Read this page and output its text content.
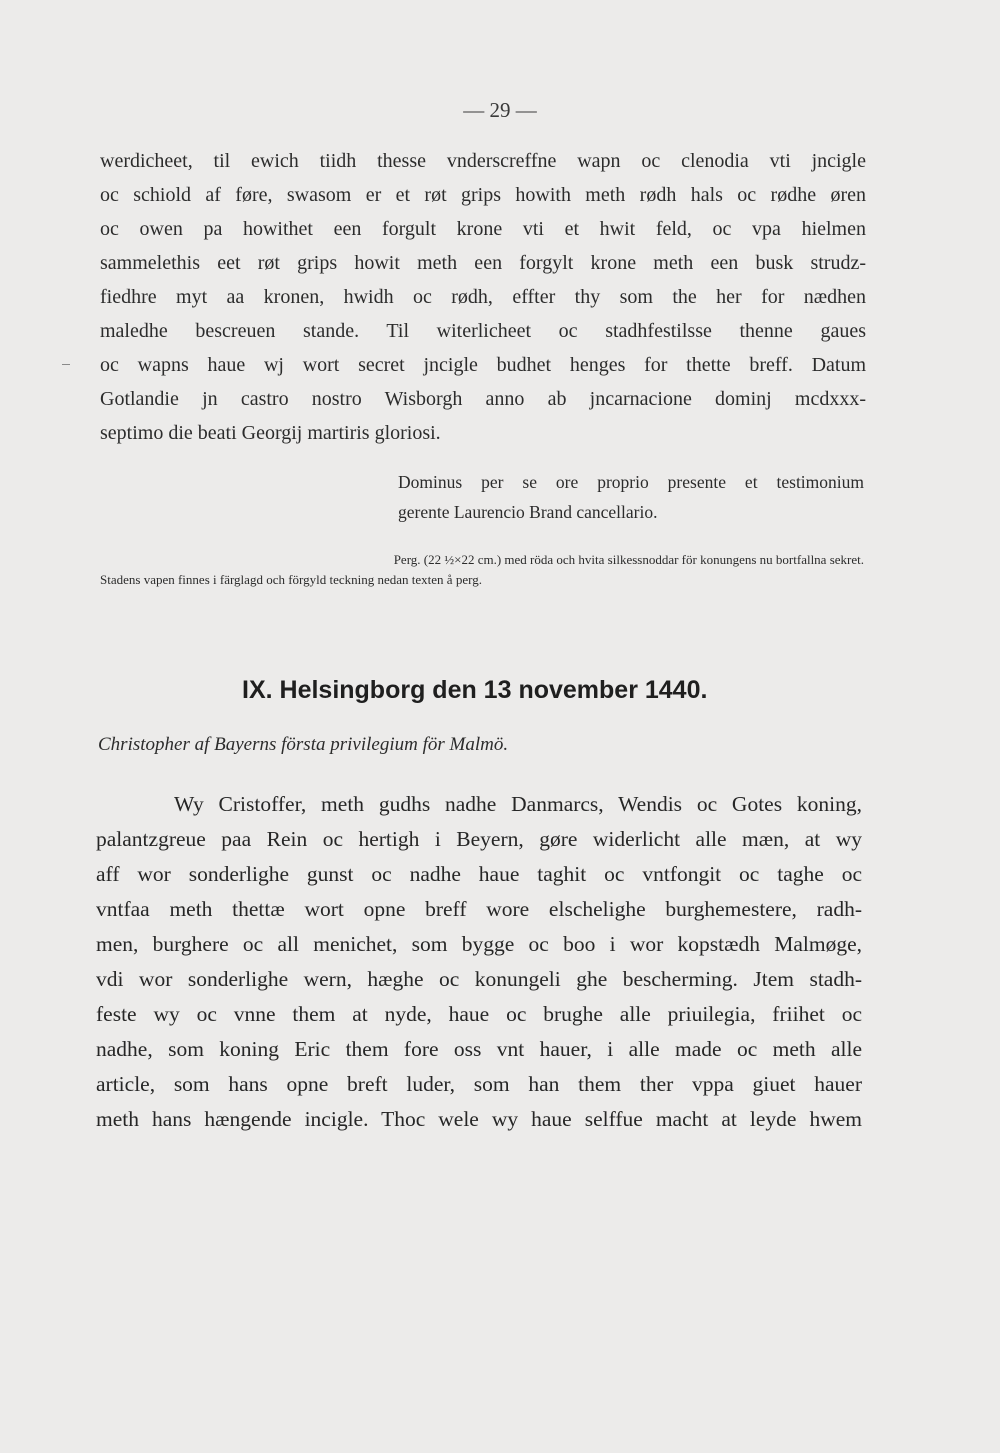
— 29 —
werdicheet, til ewich tiidh thesse vnderscreffne wapn oc clenodia vti jncigle
oc schiold af føre, swasom er et røt grips howith meth rødh hals oc rødhe øren
oc owen pa howithet een forgult krone vti et hwit feld, oc vpa hielmen
sammelethis eet røt grips howit meth een forgylt krone meth een busk strudz-
fiedhre myt aa kronen, hwidh oc rødh, effter thy som the her for nædhen
maledhe bescreuen stande. Til witerlicheet oc stadhfestilsse thenne gaues
oc wapns haue wj wort secret jncigle budhet henges for thette breff. Datum
Gotlandie jn castro nostro Wisborgh anno ab jncarnacione dominj mcdxxx-
septimo die beati Georgij martiris gloriosi.
Dominus per se ore proprio presente et testimonium
gerente Laurencio Brand cancellario.
Perg. (22 ½×22 cm.) med röda och hvita silkessnoddar för konungens nu bortfallna sekret.
Stadens vapen finnes i färglagd och förgyld teckning nedan texten å perg.
IX. Helsingborg den 13 november 1440.
Christopher af Bayerns första privilegium för Malmö.
Wy Cristoffer, meth gudhs nadhe Danmarcs, Wendis oc Gotes koning,
palantzgreue paa Rein oc hertigh i Beyern, gøre widerlicht alle mæn, at wy
aff wor sonderlighe gunst oc nadhe haue taghit oc vntfongit oc taghe oc
vntfaa meth thettæ wort opne breff wore elschelighe burghemestere, radh-
men, burghere oc all menichet, som bygge oc boo i wor kopstædh Malmøge,
vdi wor sonderlighe wern, hæghe oc konungeli ghe bescherming. Jtem stadh-
feste wy oc vnne them at nyde, haue oc brughe alle priuilegia, friihet oc
nadhe, som koning Eric them fore oss vnt hauer, i alle made oc meth alle
article, som hans opne breft luder, som han them ther vppa giuet hauer
meth hans hængende incigle. Thoc wele wy haue selffue macht at leyde hwem
